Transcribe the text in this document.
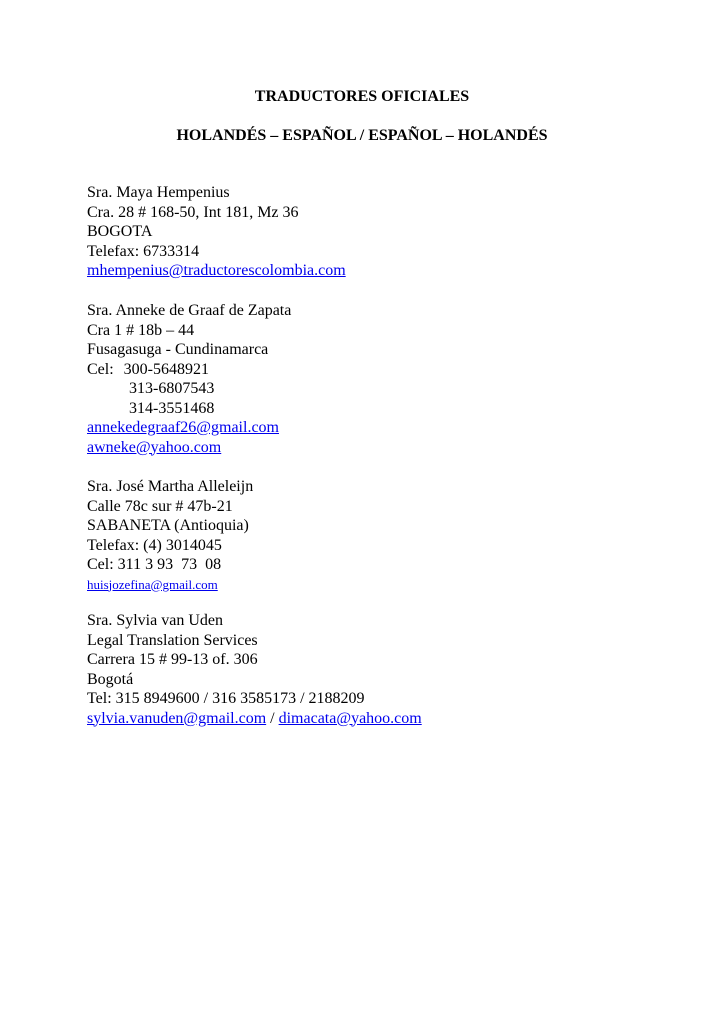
TRADUCTORES OFICIALES
HOLANDÉS – ESPAÑOL / ESPAÑOL – HOLANDÉS
Sra. Maya Hempenius
Cra. 28 # 168-50, Int 181, Mz 36
BOGOTA
Telefax: 6733314
mhempenius@traductorescolombia.com
Sra. Anneke de Graaf de Zapata
Cra 1 # 18b – 44
Fusagasuga - Cundinamarca
Cel: 300-5648921
313-6807543
314-3551468
annekedegraaf26@gmail.com
awneke@yahoo.com
Sra. José Martha Alleleijn
Calle 78c sur # 47b-21
SABANETA (Antioquia)
Telefax: (4) 3014045
Cel: 311 3 93  73  08
huisjozefina@gmail.com
Sra. Sylvia van Uden
Legal Translation Services
Carrera 15 # 99-13 of. 306
Bogotá
Tel: 315 8949600 / 316 3585173 / 2188209
sylvia.vanuden@gmail.com / dimacata@yahoo.com
